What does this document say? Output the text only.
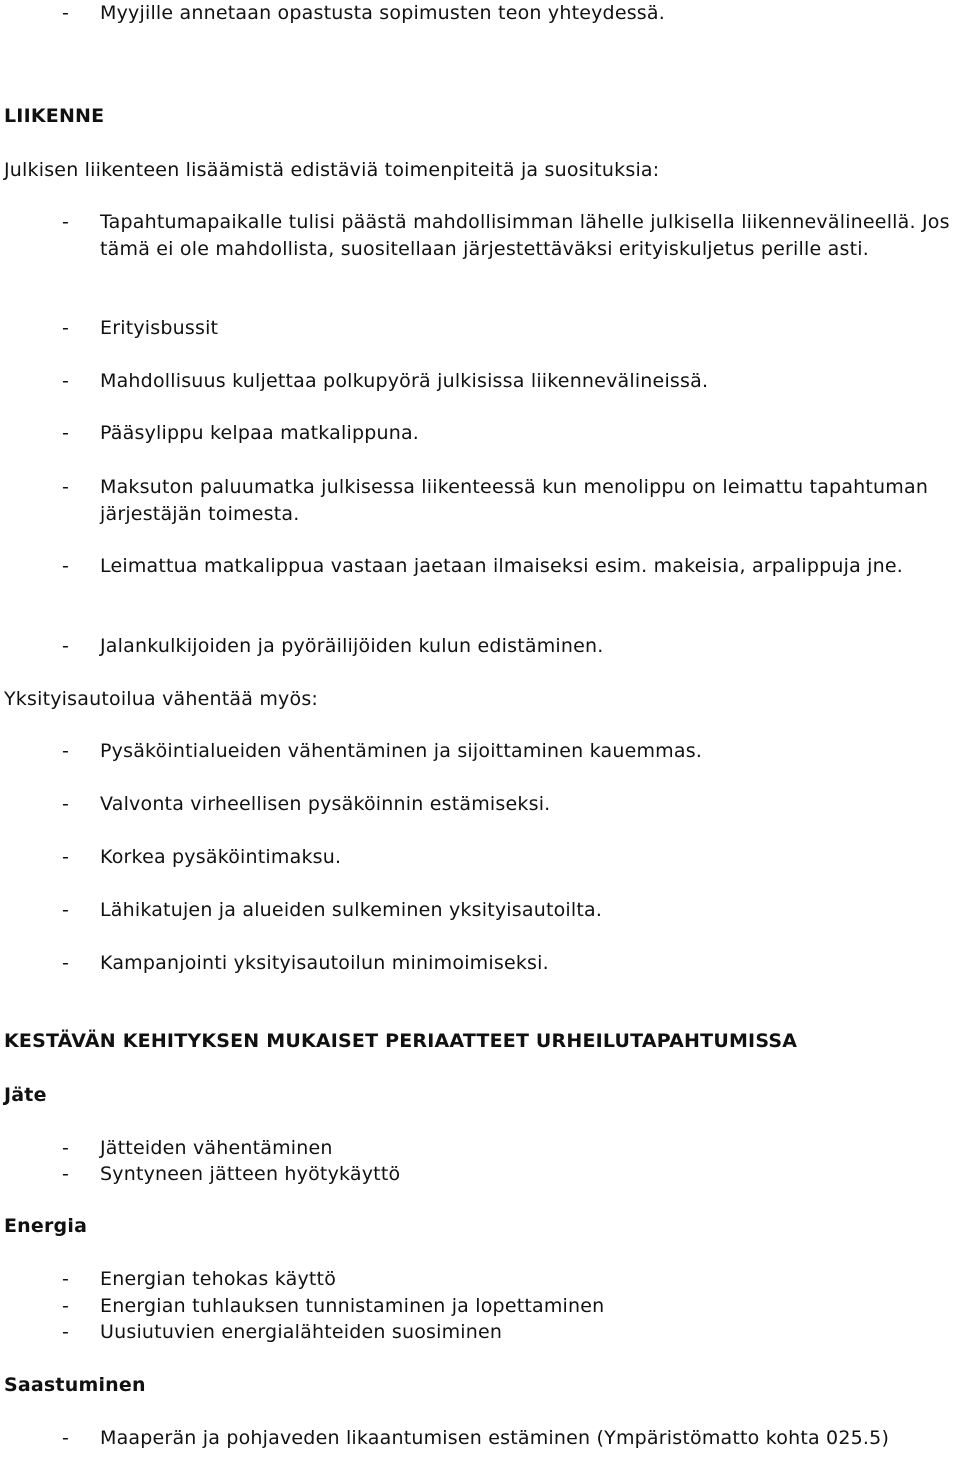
- Myyjille annetaan opastusta sopimusten teon yhteydessä.
LIIKENNE
Julkisen liikenteen lisäämistä edistäviä toimenpiteitä ja suosituksia:
- Tapahtumapaikalle tulisi päästä mahdollisimman lähelle julkisella liikennevälineellä. Jos tämä ei ole mahdollista, suositellaan järjestettäväksi erityiskuljetus perille asti.
- Erityisbussit
- Mahdollisuus kuljettaa polkupyörä julkisissa liikennevälineissä.
- Pääsylippu kelpaa matkalippuna.
- Maksuton paluumatka julkisessa liikenteessä kun menolippu on leimattu tapahtuman järjestäjän toimesta.
- Leimattua matkalippua vastaan jaetaan ilmaiseksi esim. makeisia, arpalippuja jne.
- Jalankulkijoiden ja pyöräilijöiden kulun edistäminen.
Yksityisautoilua vähentää myös:
- Pysäköintialueiden vähentäminen ja sijoittaminen kauemmas.
- Valvonta virheellisen pysäköinnin estämiseksi.
- Korkea pysäköintimaksu.
- Lähikatujen ja alueiden sulkeminen yksityisautoilta.
- Kampanjointi yksityisautoilun minimoimiseksi.
KESTÄVÄN KEHITYKSEN MUKAISET PERIAATTEET URHEILUTAPAHTUMISSA
Jäte
- Jätteiden vähentäminen
- Syntyneen jätteen hyötykäyttö
Energia
- Energian tehokas käyttö
- Energian tuhlauksen tunnistaminen ja lopettaminen
- Uusiutuvien energialähteiden suosiminen
Saastuminen
- Maaperän ja pohjaveden likaantumisen estäminen (Ympäristömatto kohta 025.5)
